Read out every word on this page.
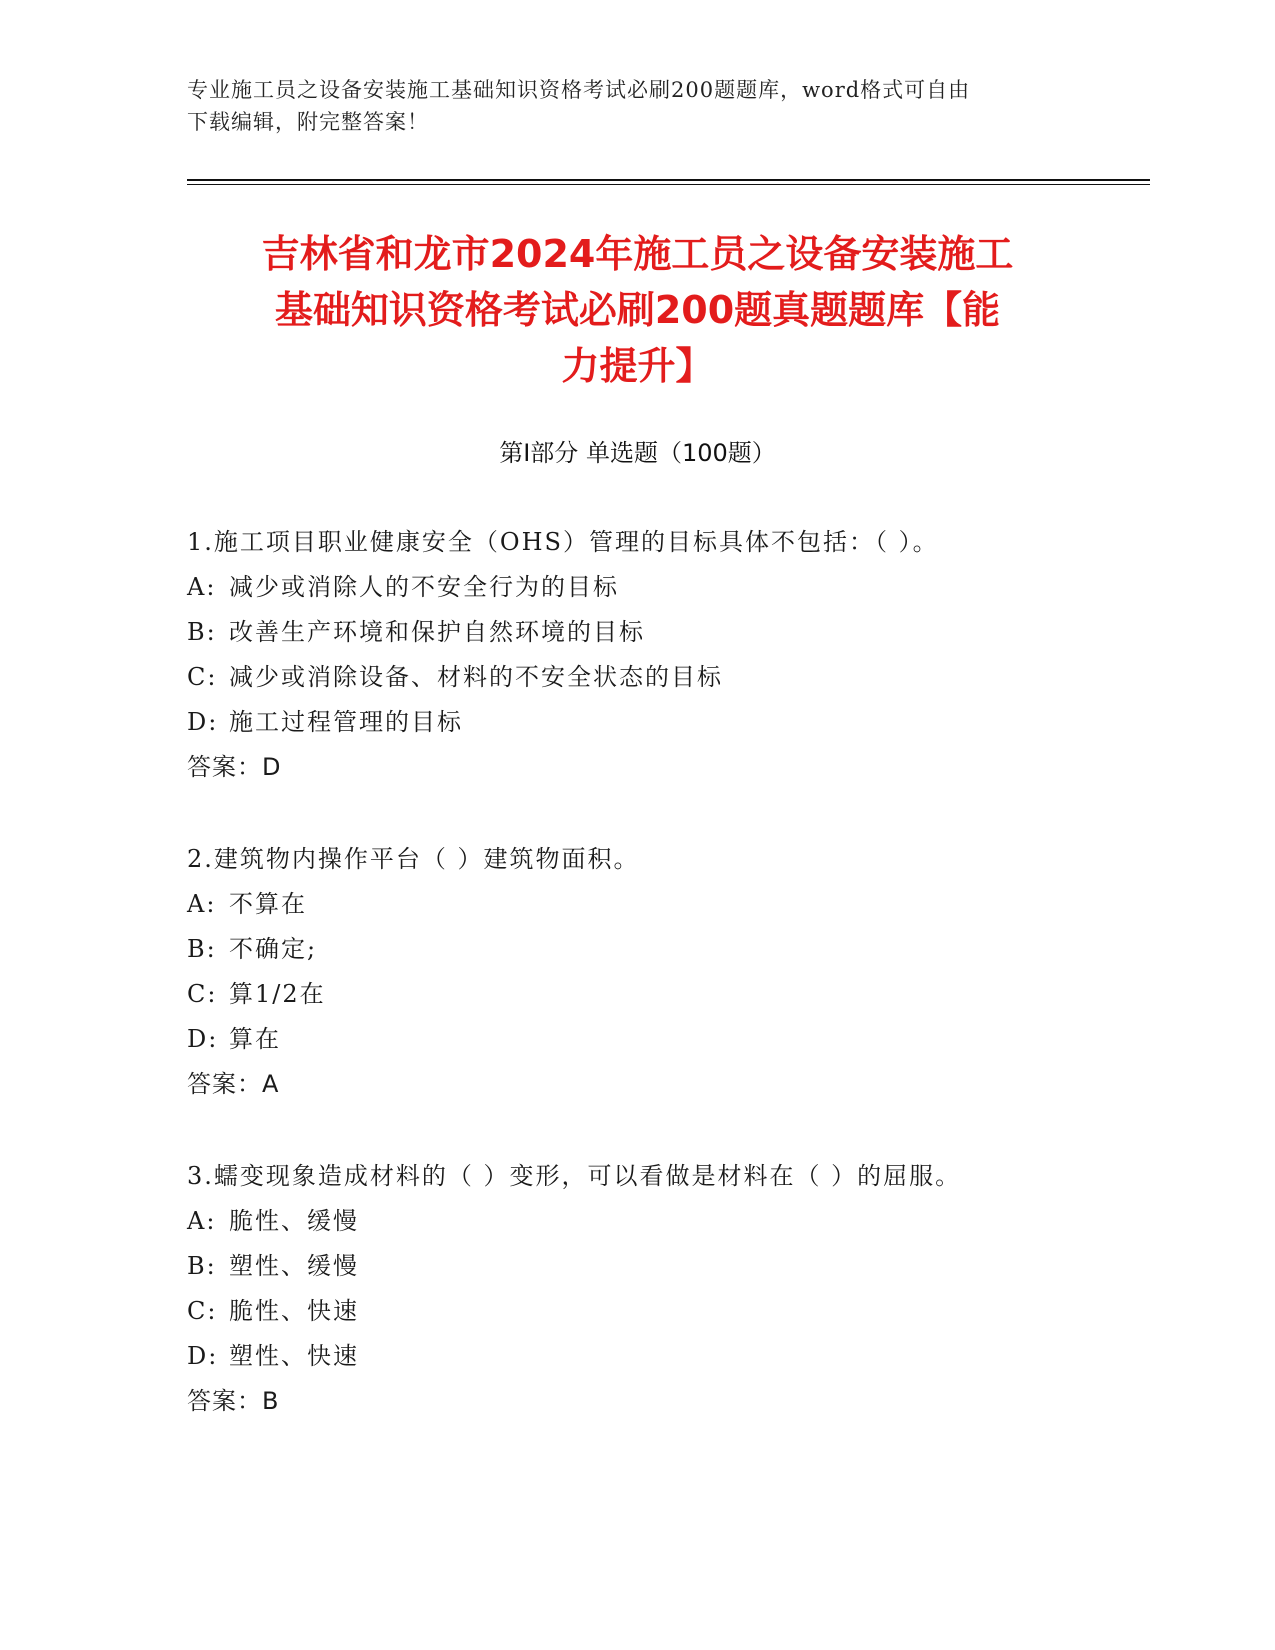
专业施工员之设备安装施工基础知识资格考试必刷200题题库，word格式可自由
下载编辑，附完整答案！
吉林省和龙市2024年施工员之设备安装施工
基础知识资格考试必刷200题真题题库【能
力提升】
第Ⅰ部分 单选题（100题）
1.施工项目职业健康安全（OHS）管理的目标具体不包括：（ ）。
A: 减少或消除人的不安全行为的目标
B: 改善生产环境和保护自然环境的目标
C: 减少或消除设备、材料的不安全状态的目标
D: 施工过程管理的目标
答案：D
2.建筑物内操作平台（ ）建筑物面积。
A: 不算在
B: 不确定;
C: 算1/2在
D: 算在
答案：A
3.蠕变现象造成材料的（ ）变形，可以看做是材料在（ ）的屈服。
A: 脆性、缓慢
B: 塑性、缓慢
C: 脆性、快速
D: 塑性、快速
答案：B
